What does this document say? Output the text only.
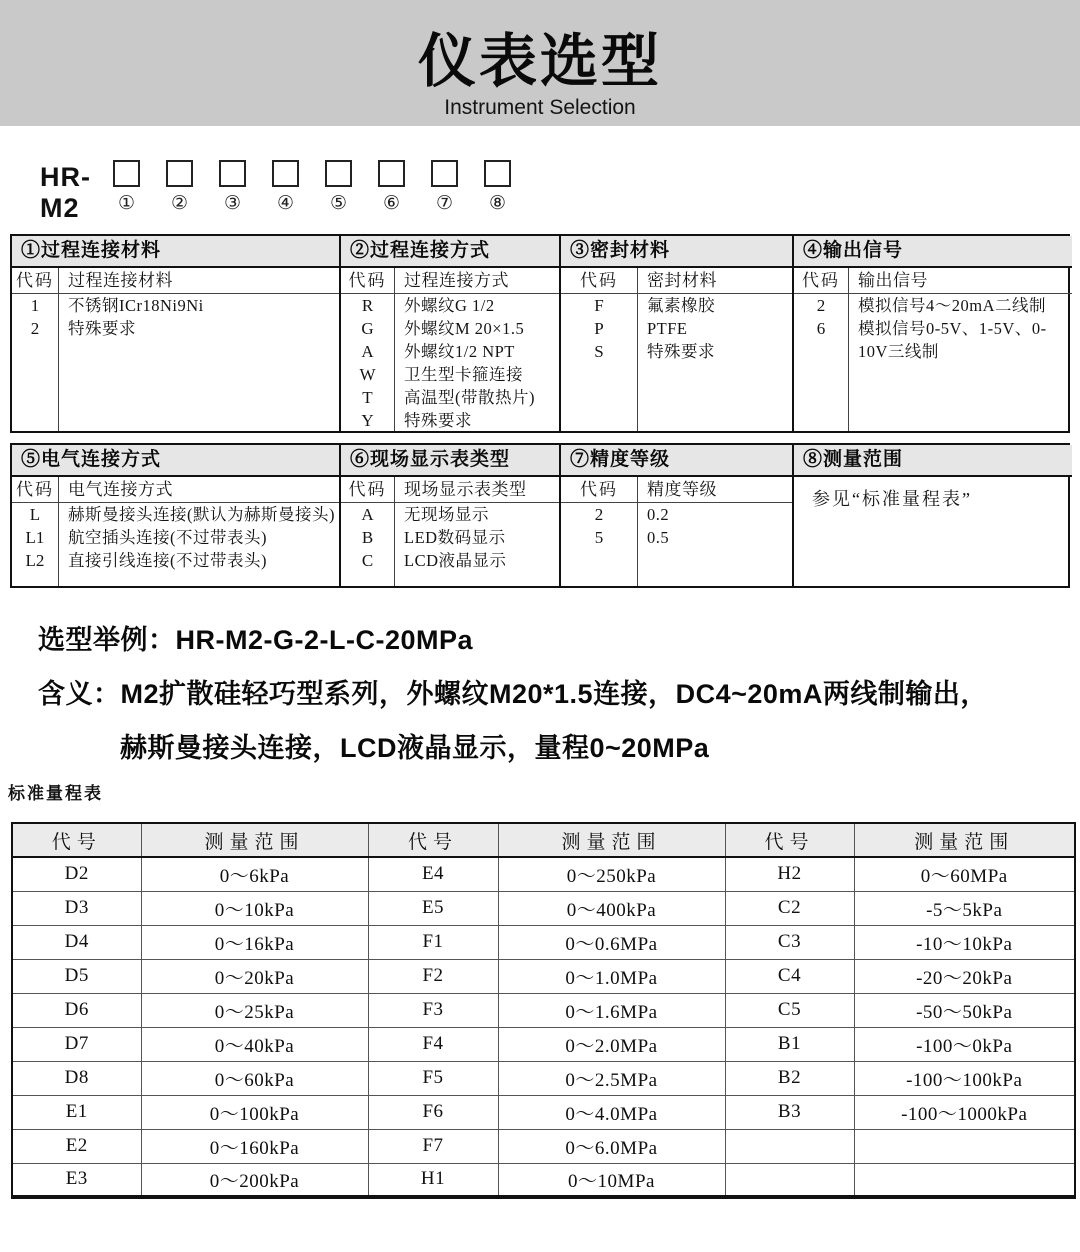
仪表选型
Instrument Selection
HR-M2	① ② ③ ④ ⑤ ⑥ ⑦ ⑧
①过程连接材料
代码 过程连接材料
1	不锈钢ICr18Ni9Ni
2	特殊要求
②过程连接方式
代码	过程连接方式
R	外螺纹G 1/2
G	外螺纹M 20×1.5
A	外螺纹1/2 NPT
W	卫生型卡箍连接
T	高温型(带散热片)
Y	特殊要求
③密封材料
代码	密封材料
F	氟素橡胶
P	PTFE
S	特殊要求
④输出信号
代码	输出信号
2	模拟信号4～20mA二线制
6	模拟信号0-5V、1-5V、0-10V三线制
⑤电气连接方式
代码 电气连接方式
L	赫斯曼接头连接(默认为赫斯曼接头)
L1	航空插头连接(不过带表头)
L2	直接引线连接(不过带表头)
⑥现场显示表类型
代码	现场显示表类型
A	无现场显示
B	LED数码显示
C	LCD液晶显示
⑦精度等级
代码	精度等级
2	0.2
5	0.5
⑧测量范围
参见“标准量程表”
选型举例：HR-M2-G-2-L-C-20MPa
含义：M2扩散硅轻巧型系列，外螺纹M20*1.5连接，DC4~20mA两线制输出，
赫斯曼接头连接，LCD液晶显示，量程0~20MPa
标准量程表
代号	测量范围	代号	测量范围	代号	测量范围
D2	0～6kPa	E4	0～250kPa	H2	0～60MPa
D3	0～10kPa	E5	0～400kPa	C2	-5～5kPa
D4	0～16kPa	F1	0～0.6MPa	C3	-10～10kPa
D5	0～20kPa	F2	0～1.0MPa	C4	-20～20kPa
D6	0～25kPa	F3	0～1.6MPa	C5	-50～50kPa
D7	0～40kPa	F4	0～2.0MPa	B1	-100～0kPa
D8	0～60kPa	F5	0～2.5MPa	B2	-100～100kPa
E1	0～100kPa	F6	0～4.0MPa	B3	-100～1000kPa
E2	0～160kPa	F7	0～6.0MPa		
E3	0～200kPa	H1	0～10MPa		
